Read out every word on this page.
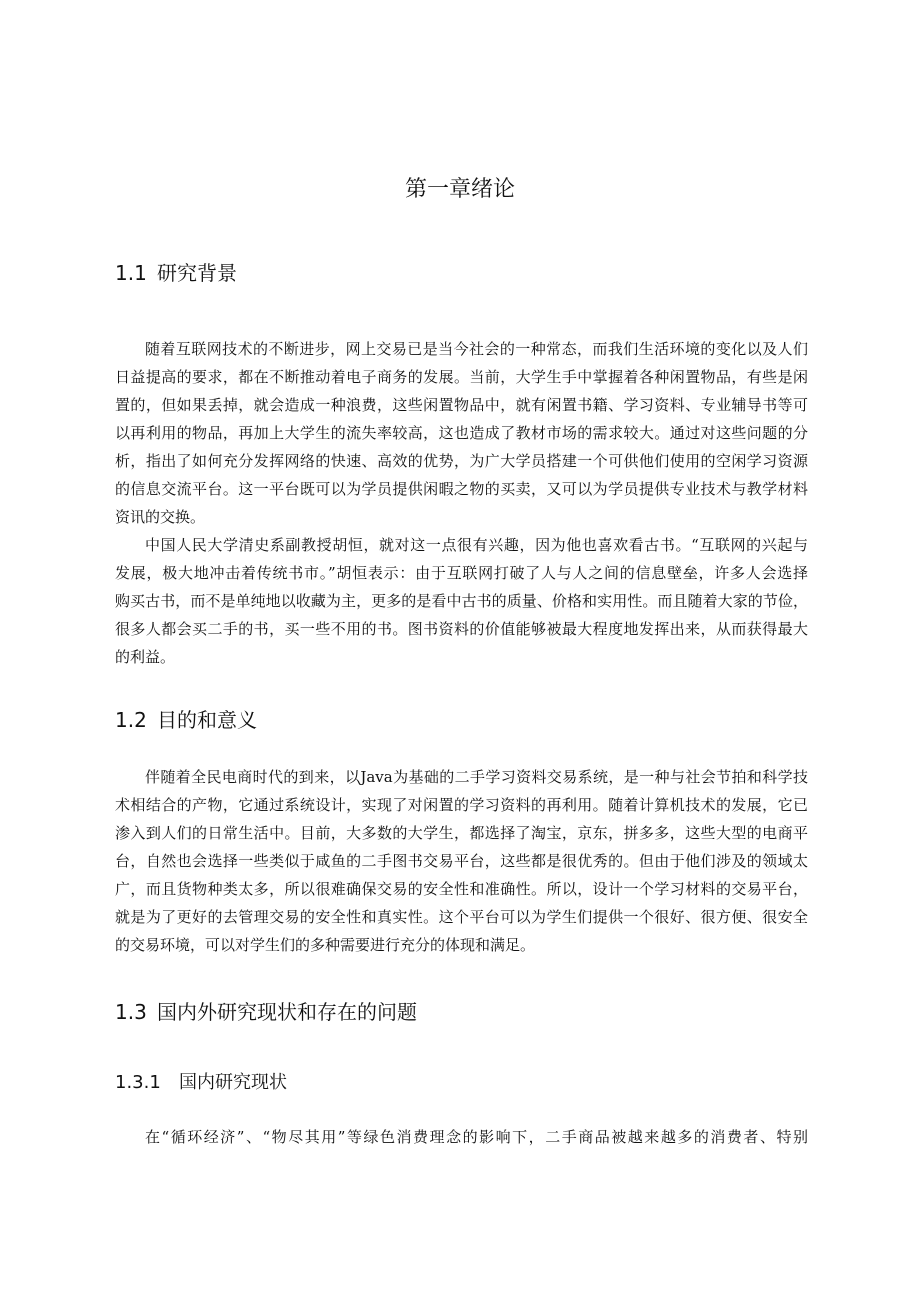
第一章绪论
1.1 研究背景
随着互联网技术的不断进步，网上交易已是当今社会的一种常态，而我们生活环境的变化以及人们
日益提高的要求，都在不断推动着电子商务的发展。当前，大学生手中掌握着各种闲置物品，有些是闲
置的，但如果丢掉，就会造成一种浪费，这些闲置物品中，就有闲置书籍、学习资料、专业辅导书等可
以再利用的物品，再加上大学生的流失率较高，这也造成了教材市场的需求较大。通过对这些问题的分
析，指出了如何充分发挥网络的快速、高效的优势，为广大学员搭建一个可供他们使用的空闲学习资源
的信息交流平台。这一平台既可以为学员提供闲暇之物的买卖，又可以为学员提供专业技术与教学材料
资讯的交换。
中国人民大学清史系副教授胡恒，就对这一点很有兴趣，因为他也喜欢看古书。“互联网的兴起与
发展，极大地冲击着传统书市。”胡恒表示：由于互联网打破了人与人之间的信息壁垒，许多人会选择
购买古书，而不是单纯地以收藏为主，更多的是看中古书的质量、价格和实用性。而且随着大家的节俭，
很多人都会买二手的书，买一些不用的书。图书资料的价值能够被最大程度地发挥出来，从而获得最大
的利益。
1.2 目的和意义
伴随着全民电商时代的到来，以Java为基础的二手学习资料交易系统，是一种与社会节拍和科学技
术相结合的产物，它通过系统设计，实现了对闲置的学习资料的再利用。随着计算机技术的发展，它已
渗入到人们的日常生活中。目前，大多数的大学生，都选择了淘宝，京东，拼多多，这些大型的电商平
台，自然也会选择一些类似于咸鱼的二手图书交易平台，这些都是很优秀的。但由于他们涉及的领域太
广，而且货物种类太多，所以很难确保交易的安全性和准确性。所以，设计一个学习材料的交易平台，
就是为了更好的去管理交易的安全性和真实性。这个平台可以为学生们提供一个很好、很方便、很安全
的交易环境，可以对学生们的多种需要进行充分的体现和满足。
1.3 国内外研究现状和存在的问题
1.3.1 国内研究现状
在“循环经济”、“物尽其用”等绿色消费理念的影响下，二手商品被越来越多的消费者、特别
